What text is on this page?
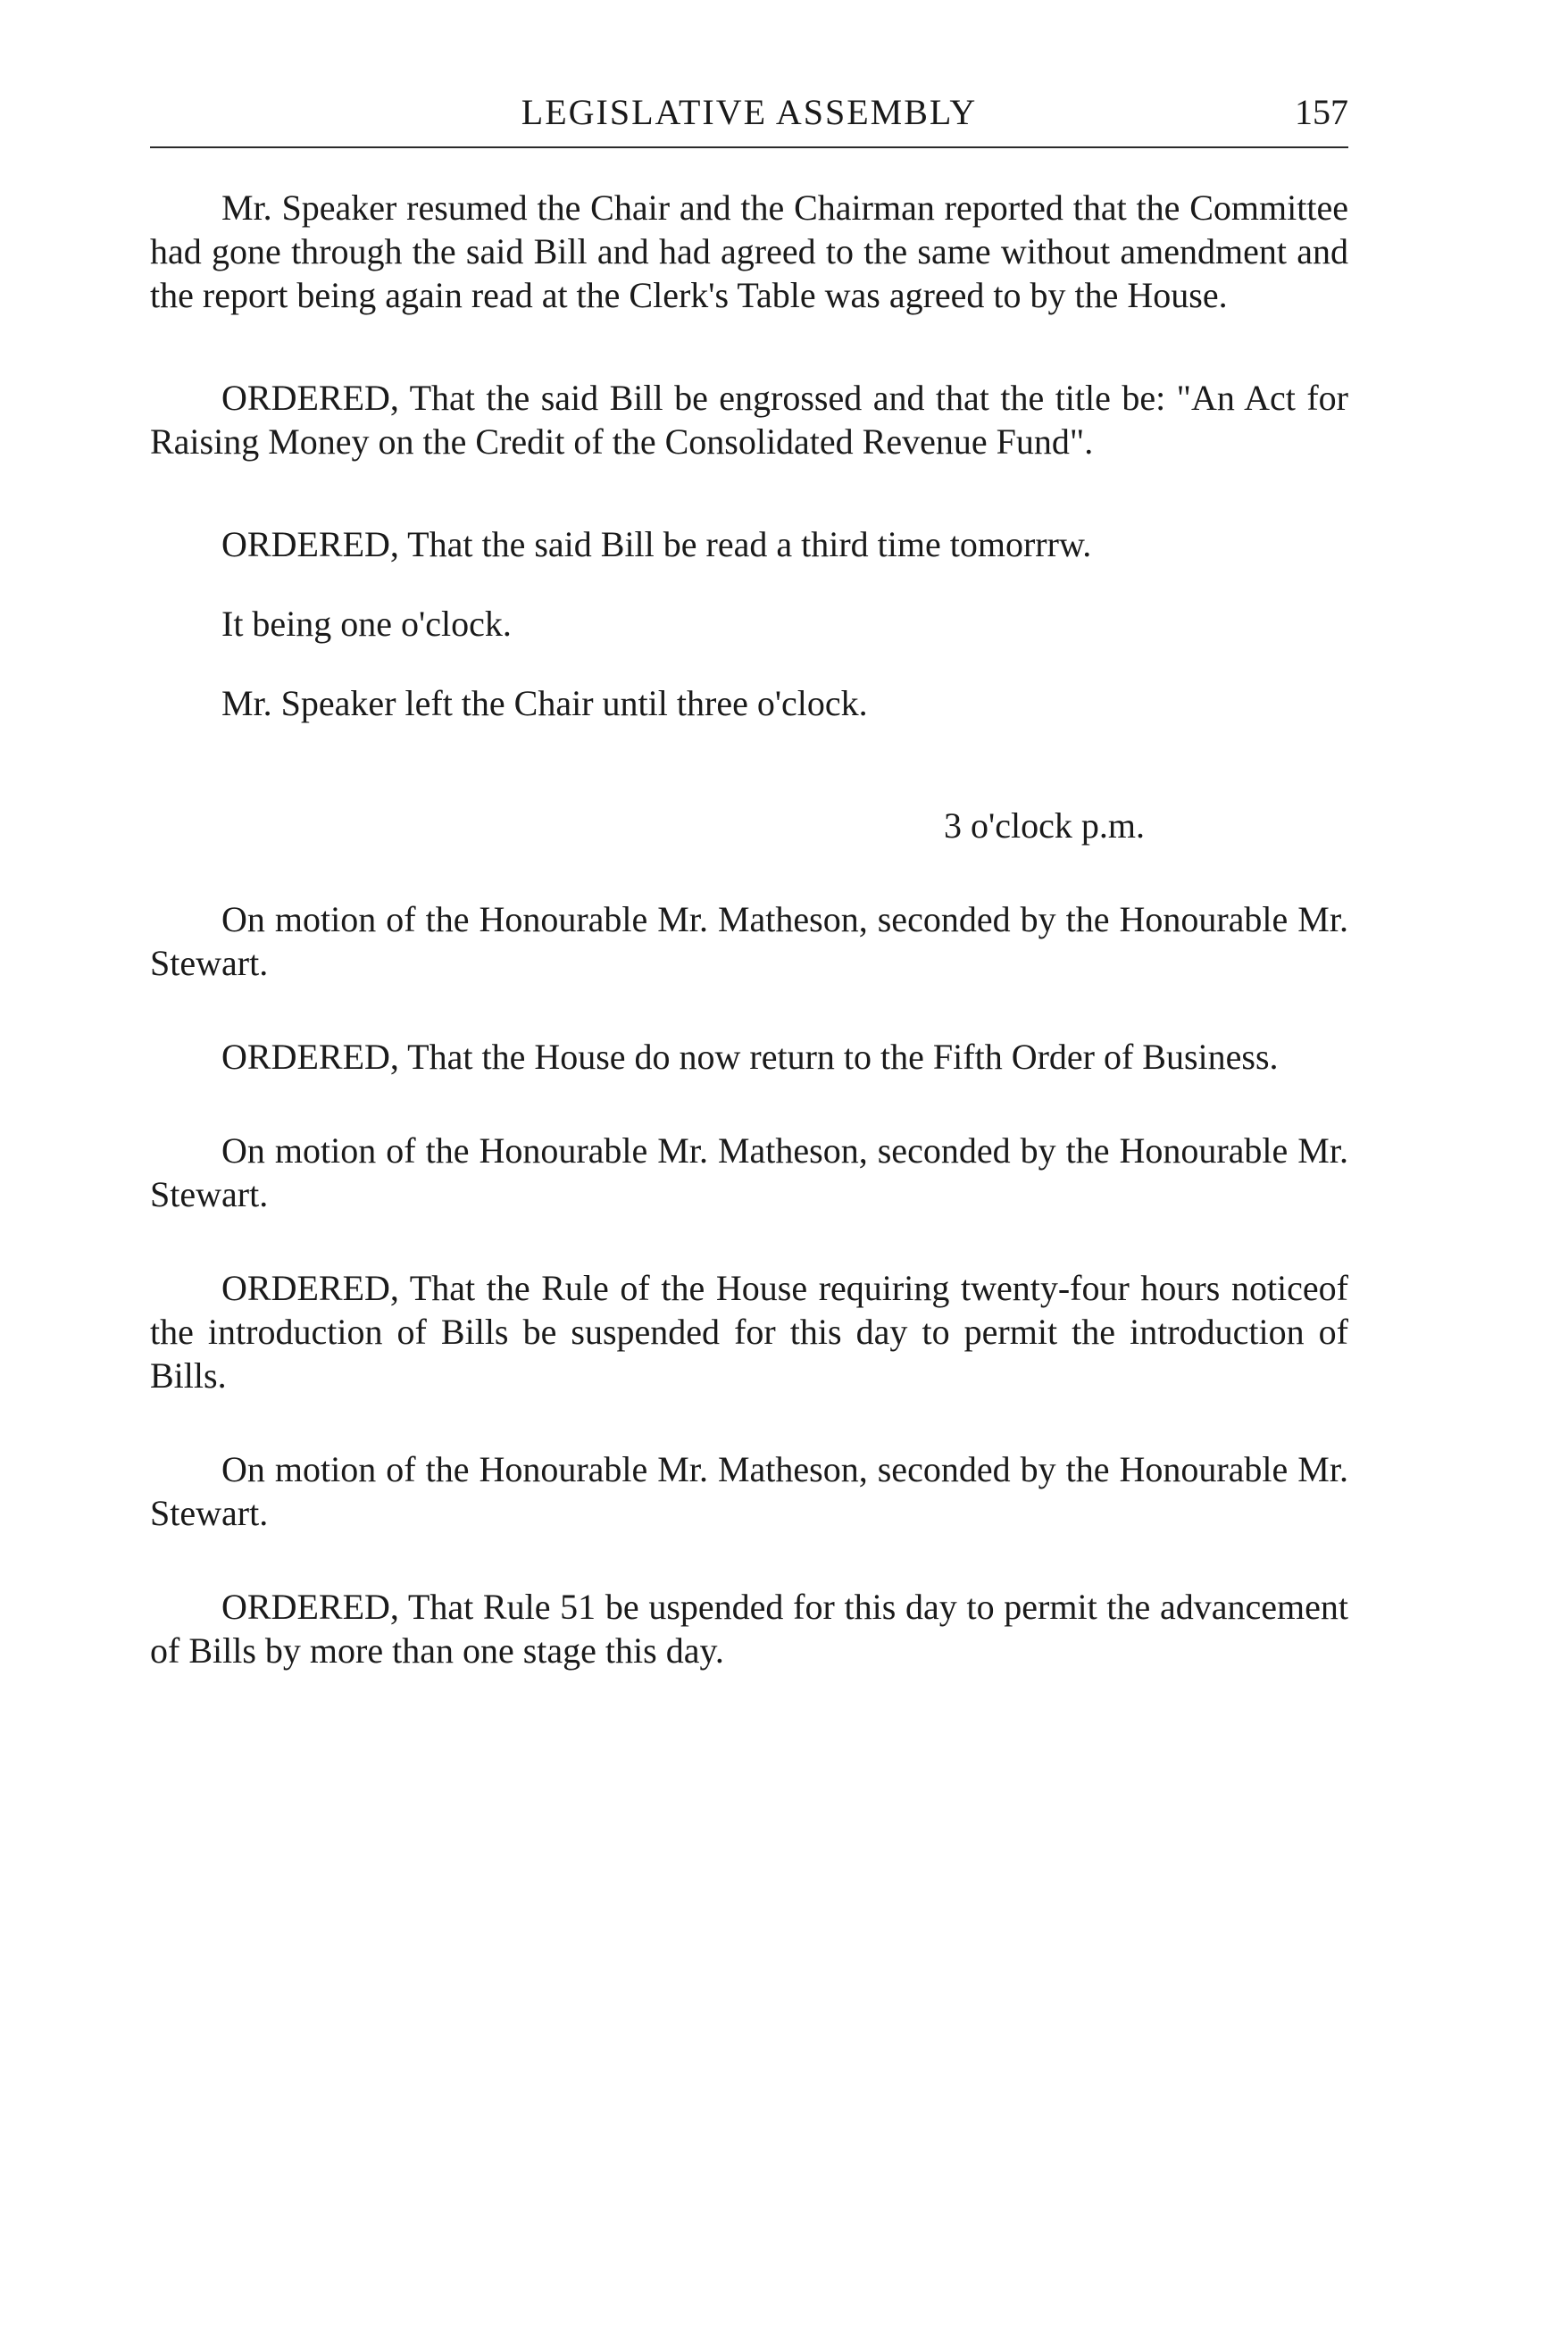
LEGISLATIVE ASSEMBLY	157

Mr. Speaker resumed the Chair and the Chairman reported that the Committee had gone through the said Bill and had agreed to the same without amendment and the report being again read at the Clerk's Table was agreed to by the House.

ORDERED, That the said Bill be engrossed and that the title be: "An Act for Raising Money on the Credit of the Consolidated Revenue Fund".

ORDERED, That the said Bill be read a third time tomorrrw.

It being one o'clock.

Mr. Speaker left the Chair until three o'clock.

3 o'clock p.m.

On motion of the Honourable Mr. Matheson, seconded by the Honourable Mr. Stewart.

ORDERED, That the House do now return to the Fifth Order of Business.

On motion of the Honourable Mr. Matheson, seconded by the Honourable Mr. Stewart.

ORDERED, That the Rule of the House requiring twenty-four hours noticeof the introduction of Bills be suspended for this day to permit the introduction of Bills.

On motion of the Honourable Mr. Matheson, seconded by the Honourable Mr. Stewart.

ORDERED, That Rule 51 be uspended for this day to permit the advancement of Bills by more than one stage this day.
